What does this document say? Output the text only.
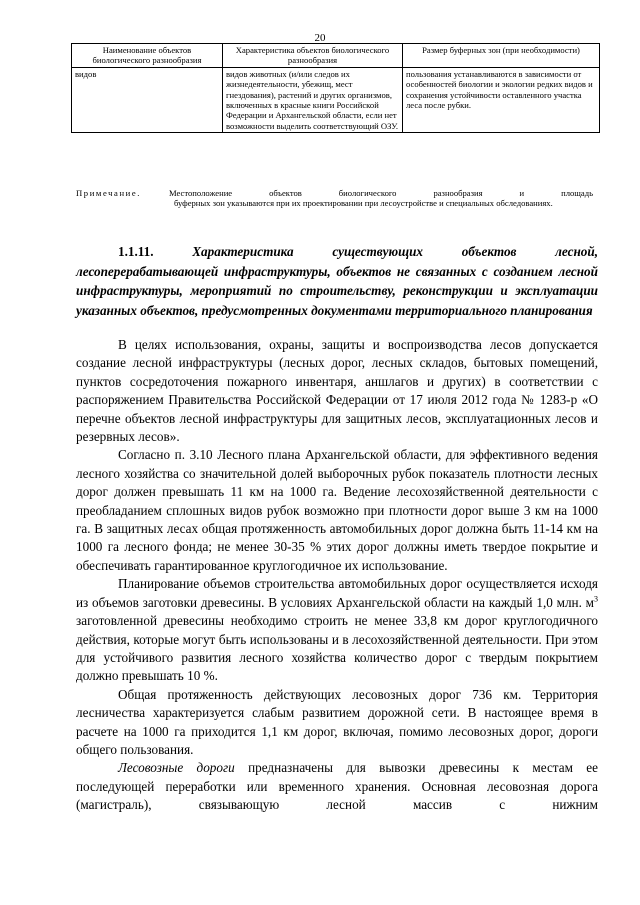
20
Наименование объектов биологического разнообразия	Характеристика объектов биологического разнообразия	Размер буферных зон (при необходимости)
видов	видов животных (и/или следов их жизнедеятельности, убежищ, мест гнездования), растений и других организмов, включенных в красные книги Российской Федерации и Архангельской области, если нет возможности выделить соответствующий ОЗУ.	пользования устанавливаются в зависимости от особенностей биологии и экологии редких видов и сохранения устойчивости оставленного участка леса после рубки.
Примечание.	Местоположение объектов биологического разнообразия и площадь
буферных зон указываются при их проектировании при лесоустройстве и специальных обследованиях.
1.1.11.	Характеристика существующих объектов лесной, лесоперерабатывающей инфраструктуры, объектов не связанных с созданием лесной инфраструктуры, мероприятий по строительству, реконструкции и эксплуатации указанных объектов, предусмотренных документами территориального планирования

В целях использования, охраны, защиты и воспроизводства лесов допускается создание лесной инфраструктуры (лесных дорог, лесных складов, бытовых помещений, пунктов сосредоточения пожарного инвентаря, аншлагов и других) в соответствии с распоряжением Правительства Российской Федерации от 17 июля 2012 года № 1283-р «О перечне объектов лесной инфраструктуры для защитных лесов, эксплуатационных лесов и резервных лесов».

Согласно п. 3.10 Лесного плана Архангельской области, для эффективного ведения лесного хозяйства со значительной долей выборочных рубок показатель плотности лесных дорог должен превышать 11 км на 1000 га. Ведение лесохозяйственной деятельности с преобладанием сплошных видов рубок возможно при плотности дорог выше 3 км на 1000 га. В защитных лесах общая протяженность автомобильных дорог должна быть 11-14 км на 1000 га лесного фонда; не менее 30-35 % этих дорог должны иметь твердое покрытие и обеспечивать гарантированное круглогодичное их использование.

Планирование объемов строительства автомобильных дорог осуществляется исходя из объемов заготовки древесины. В условиях Архангельской области на каждый 1,0 млн. $м^3$ заготовленной древесины необходимо строить не менее 33,8 км дорог круглогодичного действия, которые могут быть использованы и в лесохозяйственной деятельности. При этом для устойчивого развития лесного хозяйства количество дорог с твердым покрытием должно превышать 10 %.

Общая протяженность действующих лесовозных дорог 736 км. Территория лесничества характеризуется слабым развитием дорожной сети. В настоящее время в расчете на 1000 га приходится 1,1 км дорог, включая, помимо лесовозных дорог, дороги общего пользования.

Лесовозные дороги предназначены для вывозки древесины к местам ее последующей переработки или временного хранения. Основная лесовозная дорога (магистраль), связывающую лесной массив с нижним
